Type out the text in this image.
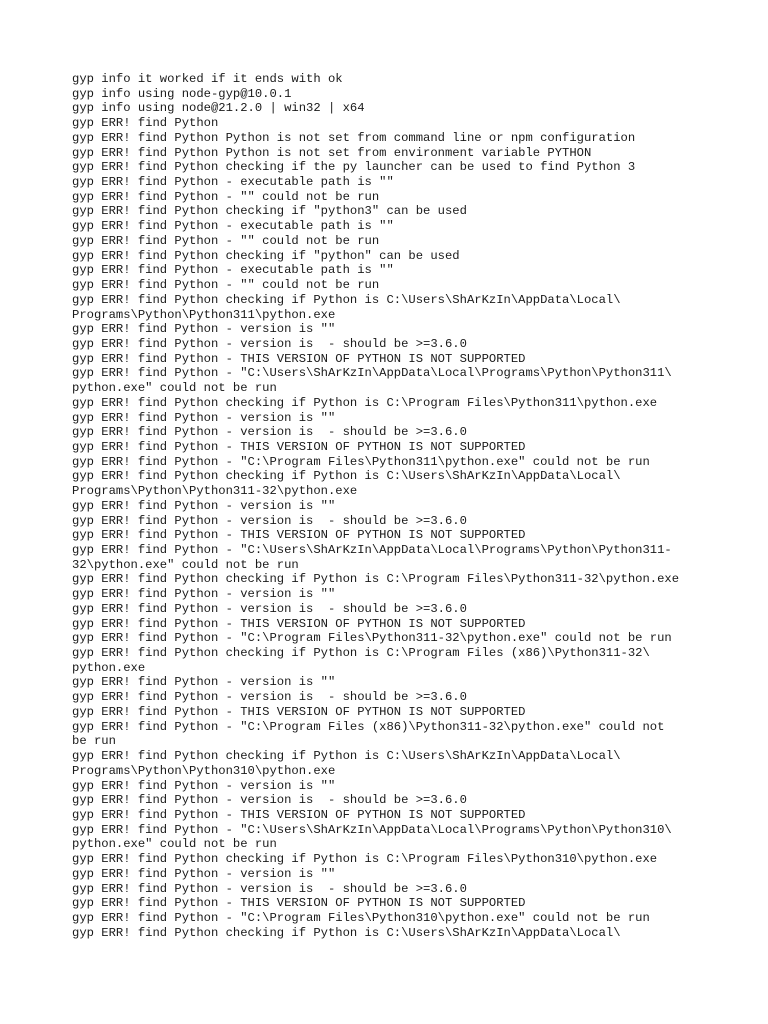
gyp info it worked if it ends with ok
gyp info using node-gyp@10.0.1
gyp info using node@21.2.0 | win32 | x64
gyp ERR! find Python
gyp ERR! find Python Python is not set from command line or npm configuration
gyp ERR! find Python Python is not set from environment variable PYTHON
gyp ERR! find Python checking if the py launcher can be used to find Python 3
gyp ERR! find Python - executable path is ""
gyp ERR! find Python - "" could not be run
gyp ERR! find Python checking if "python3" can be used
gyp ERR! find Python - executable path is ""
gyp ERR! find Python - "" could not be run
gyp ERR! find Python checking if "python" can be used
gyp ERR! find Python - executable path is ""
gyp ERR! find Python - "" could not be run
gyp ERR! find Python checking if Python is C:\Users\ShArKzIn\AppData\Local\
Programs\Python\Python311\python.exe
gyp ERR! find Python - version is ""
gyp ERR! find Python - version is  - should be >=3.6.0
gyp ERR! find Python - THIS VERSION OF PYTHON IS NOT SUPPORTED
gyp ERR! find Python - "C:\Users\ShArKzIn\AppData\Local\Programs\Python\Python311\
python.exe" could not be run
gyp ERR! find Python checking if Python is C:\Program Files\Python311\python.exe
gyp ERR! find Python - version is ""
gyp ERR! find Python - version is  - should be >=3.6.0
gyp ERR! find Python - THIS VERSION OF PYTHON IS NOT SUPPORTED
gyp ERR! find Python - "C:\Program Files\Python311\python.exe" could not be run
gyp ERR! find Python checking if Python is C:\Users\ShArKzIn\AppData\Local\
Programs\Python\Python311-32\python.exe
gyp ERR! find Python - version is ""
gyp ERR! find Python - version is  - should be >=3.6.0
gyp ERR! find Python - THIS VERSION OF PYTHON IS NOT SUPPORTED
gyp ERR! find Python - "C:\Users\ShArKzIn\AppData\Local\Programs\Python\Python311-
32\python.exe" could not be run
gyp ERR! find Python checking if Python is C:\Program Files\Python311-32\python.exe
gyp ERR! find Python - version is ""
gyp ERR! find Python - version is  - should be >=3.6.0
gyp ERR! find Python - THIS VERSION OF PYTHON IS NOT SUPPORTED
gyp ERR! find Python - "C:\Program Files\Python311-32\python.exe" could not be run
gyp ERR! find Python checking if Python is C:\Program Files (x86)\Python311-32\
python.exe
gyp ERR! find Python - version is ""
gyp ERR! find Python - version is  - should be >=3.6.0
gyp ERR! find Python - THIS VERSION OF PYTHON IS NOT SUPPORTED
gyp ERR! find Python - "C:\Program Files (x86)\Python311-32\python.exe" could not
be run
gyp ERR! find Python checking if Python is C:\Users\ShArKzIn\AppData\Local\
Programs\Python\Python310\python.exe
gyp ERR! find Python - version is ""
gyp ERR! find Python - version is  - should be >=3.6.0
gyp ERR! find Python - THIS VERSION OF PYTHON IS NOT SUPPORTED
gyp ERR! find Python - "C:\Users\ShArKzIn\AppData\Local\Programs\Python\Python310\
python.exe" could not be run
gyp ERR! find Python checking if Python is C:\Program Files\Python310\python.exe
gyp ERR! find Python - version is ""
gyp ERR! find Python - version is  - should be >=3.6.0
gyp ERR! find Python - THIS VERSION OF PYTHON IS NOT SUPPORTED
gyp ERR! find Python - "C:\Program Files\Python310\python.exe" could not be run
gyp ERR! find Python checking if Python is C:\Users\ShArKzIn\AppData\Local\
